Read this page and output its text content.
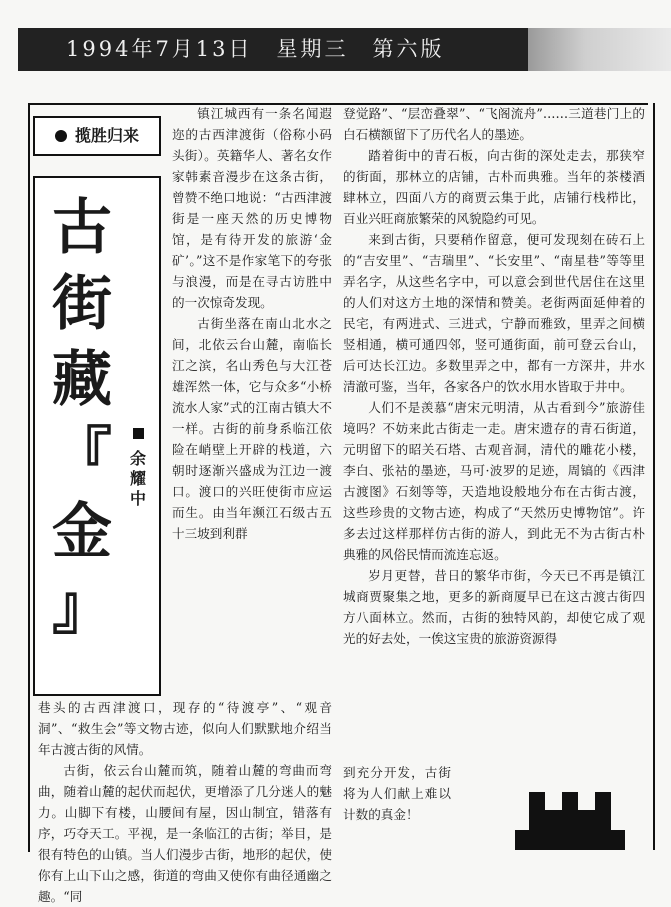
1994年7月13日　星期三　第六版
揽胜归来
古
街
藏
『
金
』
余
耀
中

镇江城西有一条名闻遐迩的古西津渡街（俗称小码头街）。英籍华人、著名女作家韩素音漫步在这条古街，曾赞不绝口地说：“古西津渡街是一座天然的历史博物馆，是有待开发的旅游‘金矿’。”这不是作家笔下的夸张与浪漫，而是在寻古访胜中的一次惊奇发现。

古街坐落在南山北水之间，北依云台山麓，南临长江之滨，名山秀色与大江苍雄浑然一体，它与众多“小桥流水人家”式的江南古镇大不一样。古街的前身系临江依险在峭壁上开辟的栈道，六朝时逐渐兴盛成为江边一渡口。渡口的兴旺使街市应运而生。由当年濒江石级古五十三坡到利群

巷头的古西津渡口，现存的“待渡亭”、“观音洞”、“救生会”等文物古迹，似向人们默默地介绍当年古渡古街的风情。

古街，依云台山麓而筑，随着山麓的弯曲而弯曲，随着山麓的起伏而起伏，更增添了几分迷人的魅力。山脚下有楼，山腰间有屋，因山制宜，错落有序，巧夺天工。平视，是一条临江的古街；举目，是很有特色的山镇。当人们漫步古街，地形的起伏，使你有上山下山之感，街道的弯曲又使你有曲径通幽之趣。“同

登觉路”、“层峦叠翠”、“飞阁流舟”……三道巷门上的白石横额留下了历代名人的墨迹。

踏着街中的青石板，向古街的深处走去，那狭窄的街面，那林立的店铺，古朴而典雅。当年的茶楼酒肆林立，四面八方的商贾云集于此，店铺行栈栉比，百业兴旺商旅繁荣的风貌隐约可见。

来到古街，只要稍作留意，便可发现刻在砖石上的“吉安里”、“吉瑞里”、“长安里”、“南星巷”等等里弄名字，从这些名字中，可以意会到世代居住在这里的人们对这方土地的深情和赞美。老街两面延伸着的民宅，有两进式、三进式，宁静而雅致，里弄之间横竖相通，横可通四邻，竖可通街面，前可登云台山，后可达长江边。多数里弄之中，都有一方深井，井水清澈可鉴，当年，各家各户的饮水用水皆取于井中。

人们不是羡慕“唐宋元明清，从古看到今”旅游佳境吗？不妨来此古街走一走。唐宋遗存的青石街道，元明留下的昭关石塔、古观音洞，清代的雕花小楼，李白、张祜的墨迹，马可·波罗的足迹，周镐的《西津古渡图》石刻等等，天造地设般地分布在古街古渡，这些珍贵的文物古迹，构成了“天然历史博物馆”。许多去过这样那样仿古街的游人，到此无不为古街古朴典雅的风俗民情而流连忘返。

岁月更替，昔日的繁华市街，今天已不再是镇江城商贾聚集之地，更多的新商厦早已在这古渡古街四方八面林立。然而，古街的独特风韵，却使它成了观光的好去处，一俟这宝贵的旅游资源得

到充分开发，古街将为人们献上难以计数的真金！
